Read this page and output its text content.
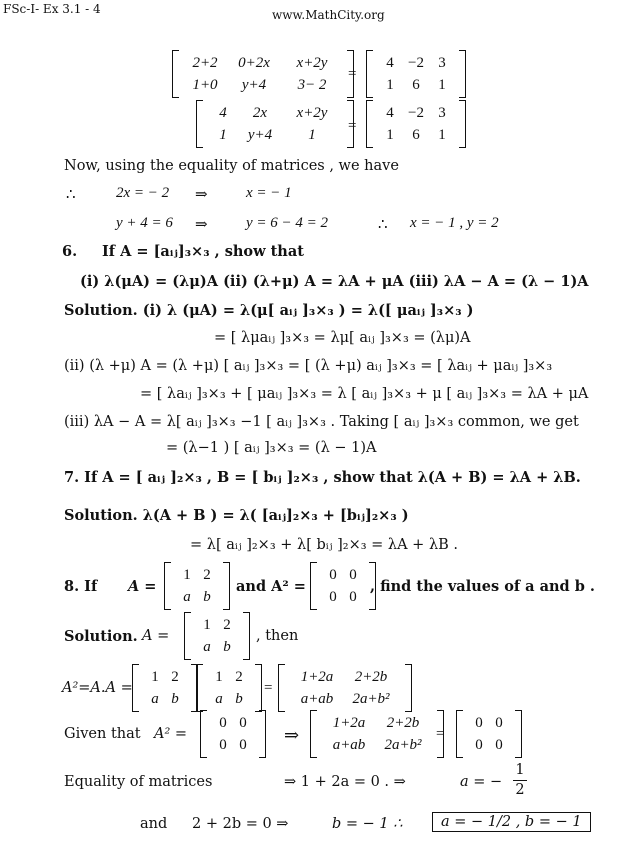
FSc-I- Ex 3.1 - 4	www.MathCity.org
2+2	0+2x	x+2y
1+0	y+4	3− 2
=
4 −2 3
1	6	1
4	2x	x+2y
1	y+4	1
=
4 −2 3
1	6	1
Now, using the equality of matrices , we have
∴	2x = − 2 ⇒	x = − 1
y + 4 = 6 ⇒	y = 6 − 4 = 2	∴ x = − 1 , y = 2
6. If A = [aᵢⱼ]₃×₃ , show that
(i) λ(μA) = (λμ)A (ii) (λ+μ) A = λA + μA (iii) λA − A = (λ − 1)A
Solution. (i) λ (μA) = λ(μ[ aᵢⱼ ]₃×₃ ) = λ([ μaᵢⱼ ]₃×₃ )
= [ λμaᵢⱼ ]₃×₃ = λμ[ aᵢⱼ ]₃×₃ = (λμ)A
(ii) (λ +μ) A = (λ +μ) [ aᵢⱼ ]₃×₃ = [ (λ +μ) aᵢⱼ ]₃×₃ = [ λaᵢⱼ + μaᵢⱼ ]₃×₃
= [ λaᵢⱼ ]₃×₃ + [ μaᵢⱼ ]₃×₃ = λ [ aᵢⱼ ]₃×₃ + μ [ aᵢⱼ ]₃×₃ = λA + μA
(iii) λA − A = λ[ aᵢⱼ ]₃×₃ −1 [ aᵢⱼ ]₃×₃ . Taking [ aᵢⱼ ]₃×₃ common, we get
= (λ−1 ) [ aᵢⱼ ]₃×₃ = (λ − 1)A
7. If A = [ aᵢⱼ ]₂×₃ , B = [ bᵢⱼ ]₂×₃ , show that λ(A + B) = λA + λB.
Solution. λ(A + B ) = λ( [aᵢⱼ]₂×₃ + [bᵢⱼ]₂×₃ )
= λ[ aᵢⱼ ]₂×₃ + λ[ bᵢⱼ ]₂×₃ = λA + λB .
8. If A =
1 2
a b
and A² =
0 0
0 0
, find the values of a and b .
Solution. A =
1 2
a b
, then
A²=A.A =
1 2
a b
1 2
a b
=
1+2a	2+2b
a+ab	2a+b²
Given that A² =
0 0
0 0	⇒
1+2a	2+2b
a+ab	2a+b²
=
0 0
0 0
Equality of matrices	⇒ 1 + 2a = 0 . ⇒	a = −
1
2
and 2 + 2b = 0 ⇒	b = − 1 ∴	a = − 1/2 , b = − 1
